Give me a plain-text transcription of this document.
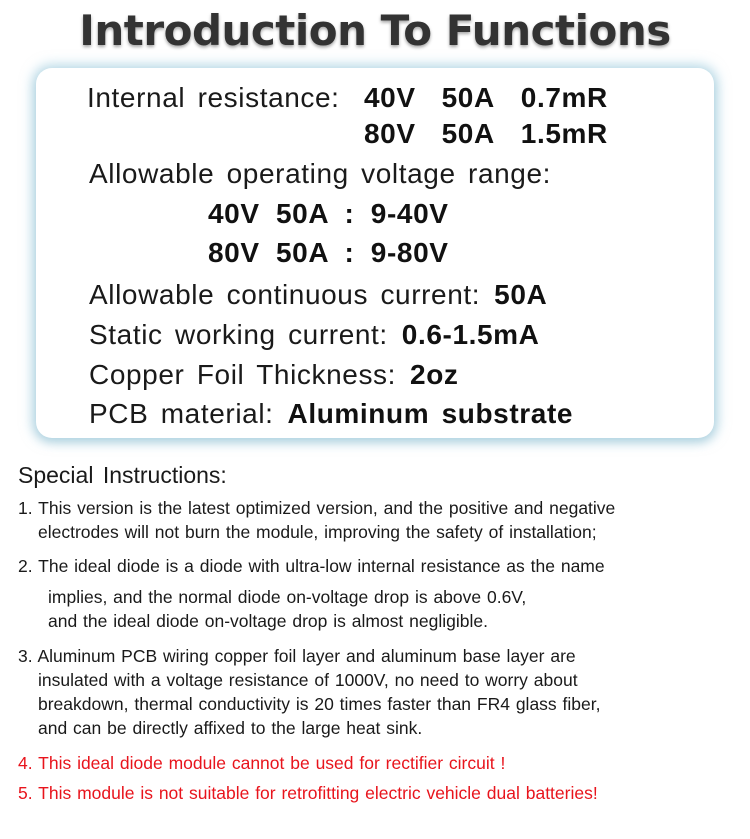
Introduction To Functions
Internal resistance: 40V 50A 0.7mR
80V 50A 1.5mR
Allowable operating voltage range:
40V 50A : 9-40V
80V 50A : 9-80V
Allowable continuous current: 50A
Static working current: 0.6-1.5mA
Copper Foil Thickness: 2oz
PCB material: Aluminum substrate
Special Instructions:
1. This version is the latest optimized version, and the positive and negative
electrodes will not burn the module, improving the safety of installation;
2. The ideal diode is a diode with ultra-low internal resistance as the name
implies, and the normal diode on-voltage drop is above 0.6V,
and the ideal diode on-voltage drop is almost negligible.
3. Aluminum PCB wiring copper foil layer and aluminum base layer are
insulated with a voltage resistance of 1000V, no need to worry about
breakdown, thermal conductivity is 20 times faster than FR4 glass fiber,
and can be directly affixed to the large heat sink.
4. This ideal diode module cannot be used for rectifier circuit !
5. This module is not suitable for retrofitting electric vehicle dual batteries!
